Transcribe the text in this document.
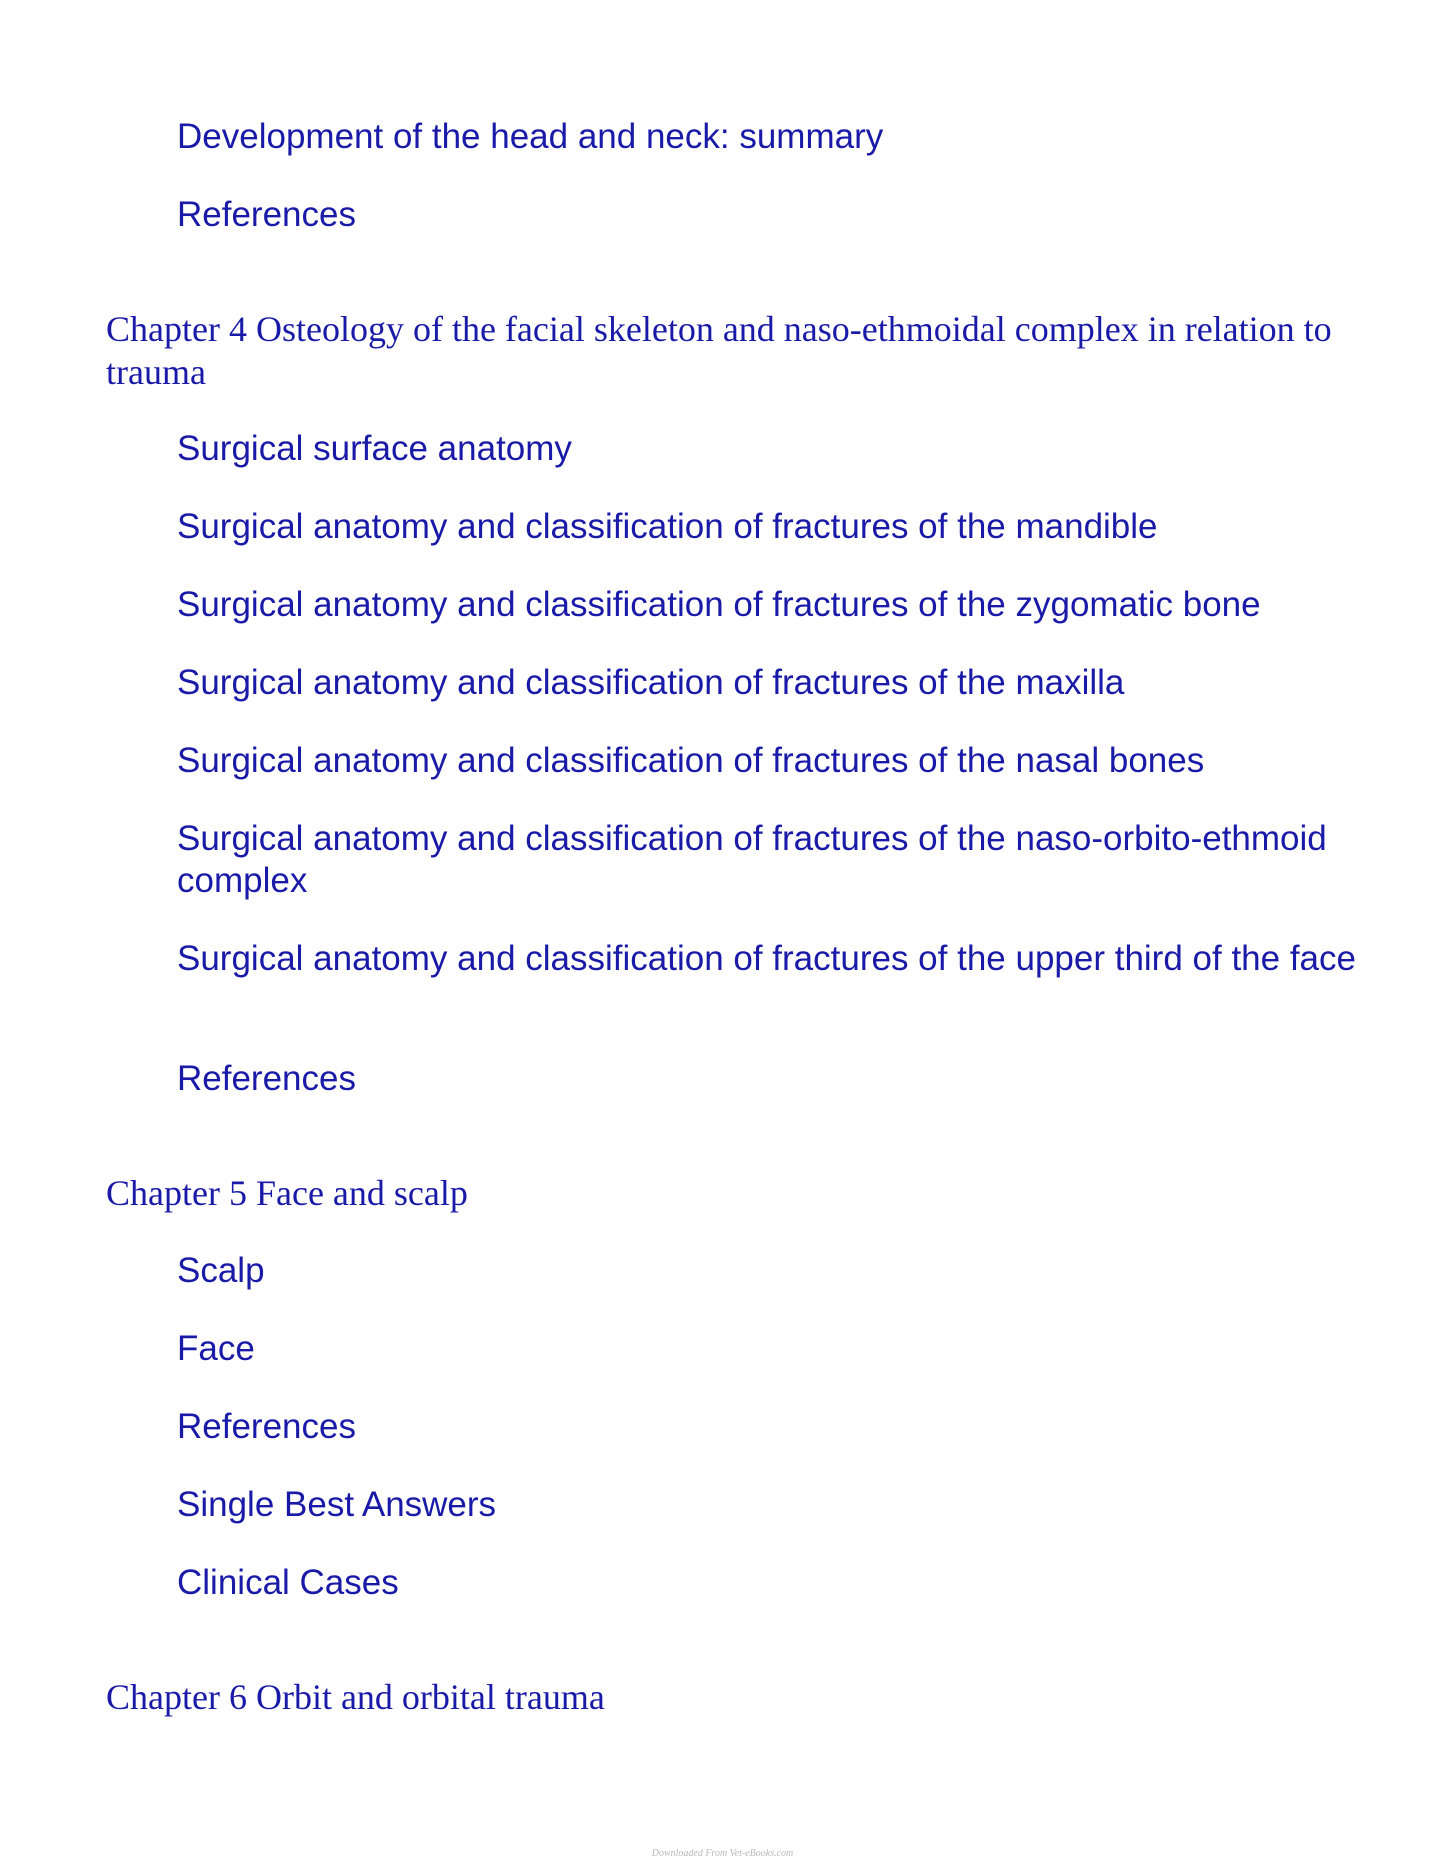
Development of the head and neck: summary
References
Chapter 4 Osteology of the facial skeleton and naso-ethmoidal complex in relation to trauma
Surgical surface anatomy
Surgical anatomy and classification of fractures of the mandible
Surgical anatomy and classification of fractures of the zygomatic bone
Surgical anatomy and classification of fractures of the maxilla
Surgical anatomy and classification of fractures of the nasal bones
Surgical anatomy and classification of fractures of the naso-orbito-ethmoid complex
Surgical anatomy and classification of fractures of the upper third of the face
References
Chapter 5 Face and scalp
Scalp
Face
References
Single Best Answers
Clinical Cases
Chapter 6 Orbit and orbital trauma
Downloaded From Vet-eBooks.com
